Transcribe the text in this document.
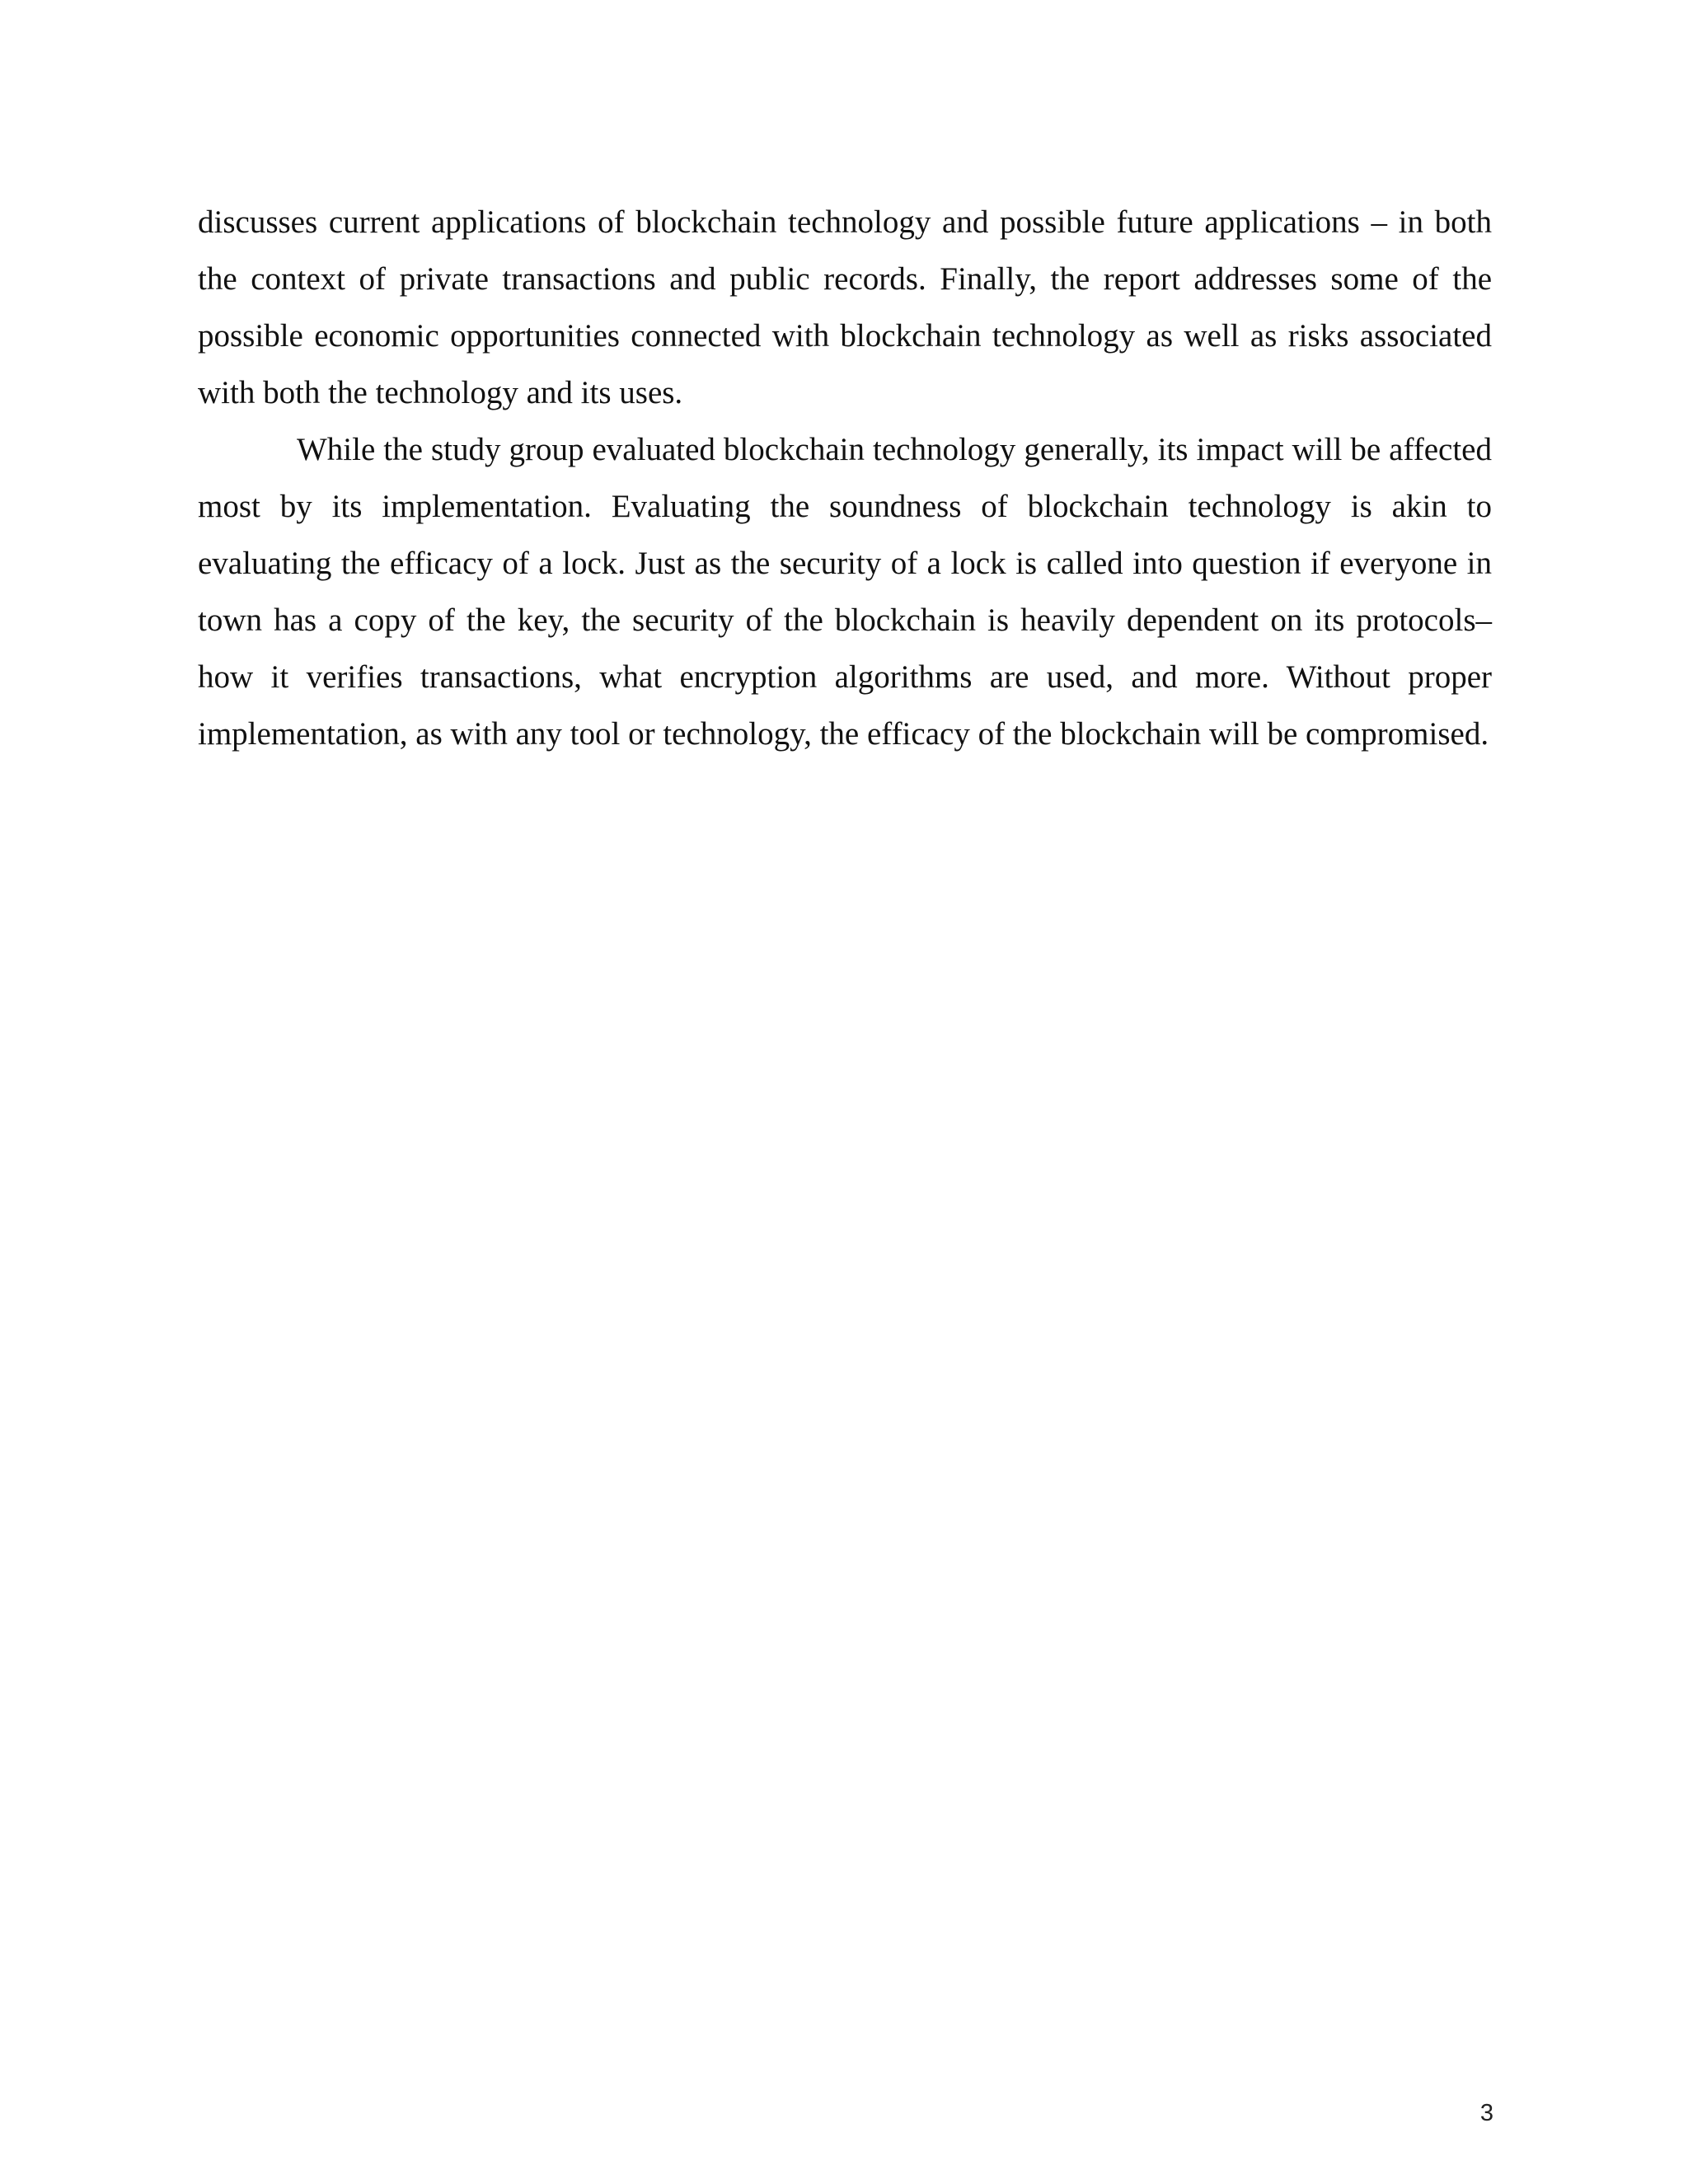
discusses current applications of blockchain technology and possible future applications – in both the context of private transactions and public records. Finally, the report addresses some of the possible economic opportunities connected with blockchain technology as well as risks associated with both the technology and its uses.

While the study group evaluated blockchain technology generally, its impact will be affected most by its implementation. Evaluating the soundness of blockchain technology is akin to evaluating the efficacy of a lock. Just as the security of a lock is called into question if everyone in town has a copy of the key, the security of the blockchain is heavily dependent on its protocols– how it verifies transactions, what encryption algorithms are used, and more. Without proper implementation, as with any tool or technology, the efficacy of the blockchain will be compromised.

3
